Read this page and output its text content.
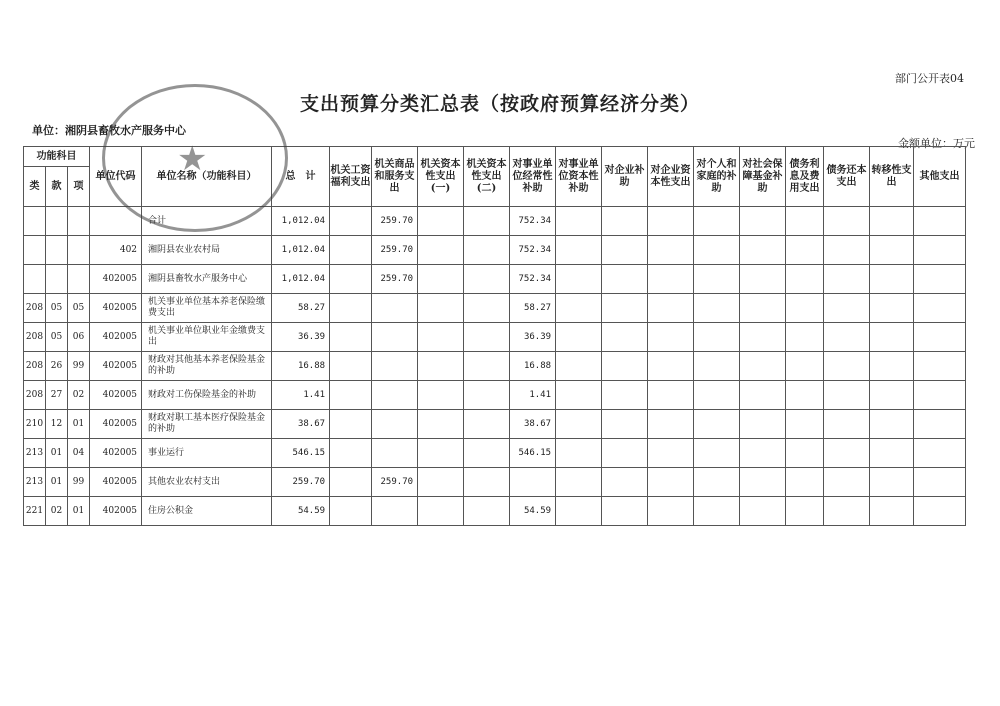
部门公开表04
支出预算分类汇总表（按政府预算经济分类）
单位：湘阴县畜牧水产服务中心
金额单位：万元
功能科目			单位代码	单位名称（功能科目）	总　计	机关工资福利支出	机关商品和服务支出	机关资本性支出(一)	机关资本性支出(二)	对事业单位经常性补助	对事业单位资本性补助	对企业补助	对企业资本性支出	对个人和家庭的补助	对社会保障基金补助	债务利息及费用支出	债务还本支出	转移性支出	其他支出
类	款	项																	
				合计	1,012.04		259.70			752.34									
			402	湘阴县农业农村局	1,012.04		259.70			752.34									
			402005	湘阴县畜牧水产服务中心	1,012.04		259.70			752.34									
208	05	05	402005	机关事业单位基本养老保险缴费支出	58.27					58.27									
208	05	06	402005	机关事业单位职业年金缴费支出	36.39					36.39									
208	26	99	402005	财政对其他基本养老保险基金的补助	16.88					16.88									
208	27	02	402005	财政对工伤保险基金的补助	1.41					1.41									
210	12	01	402005	财政对职工基本医疗保险基金的补助	38.67					38.67									
213	01	04	402005	事业运行	546.15					546.15									
213	01	99	402005	其他农业农村支出	259.70		259.70												
221	02	01	402005	住房公积金	54.59					54.59									
★
